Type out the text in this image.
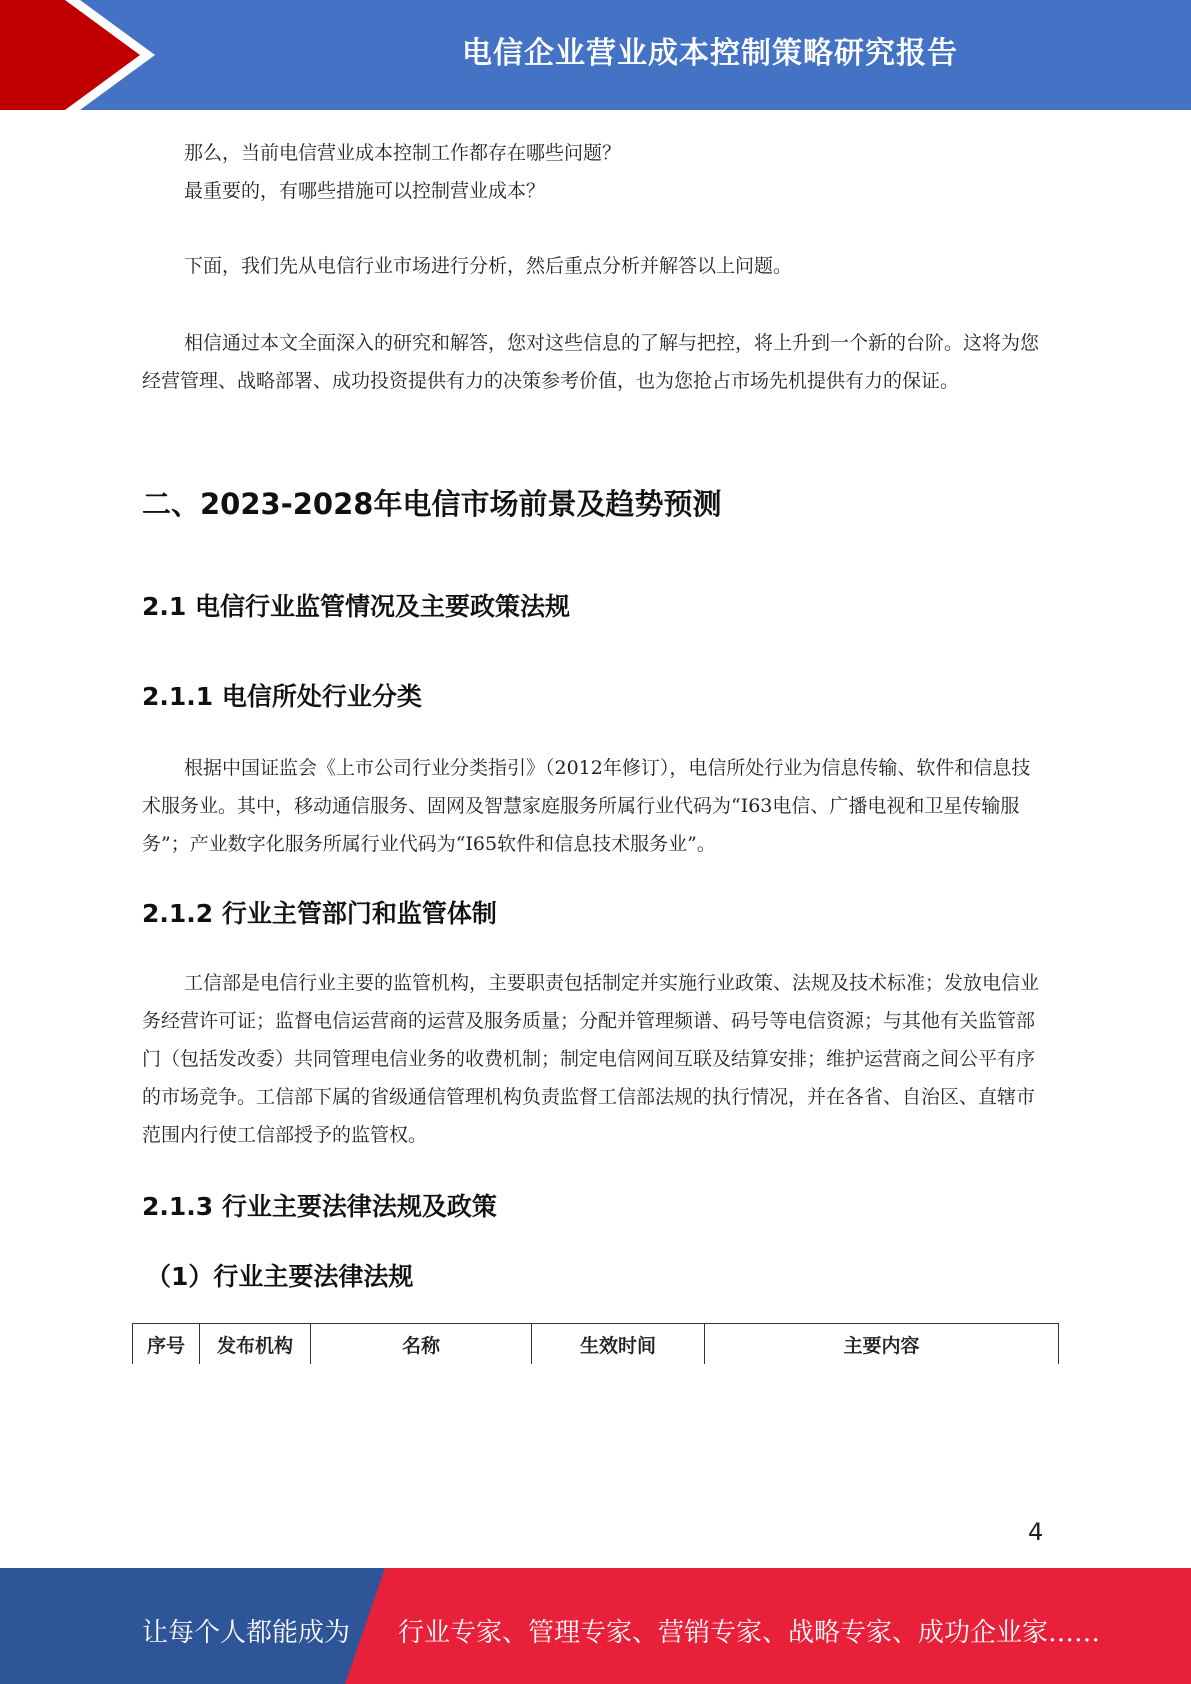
电信企业营业成本控制策略研究报告

那么，当前电信营业成本控制工作都存在哪些问题？

最重要的，有哪些措施可以控制营业成本？

下面，我们先从电信行业市场进行分析，然后重点分析并解答以上问题。

相信通过本文全面深入的研究和解答，您对这些信息的了解与把控，将上升到一个新的台阶。这将为您经营管理、战略部署、成功投资提供有力的决策参考价值，也为您抢占市场先机提供有力的保证。

二、2023-2028年电信市场前景及趋势预测
2.1 电信行业监管情况及主要政策法规
2.1.1 电信所处行业分类

根据中国证监会《上市公司行业分类指引》（2012年修订），电信所处行业为信息传输、软件和信息技术服务业。其中，移动通信服务、固网及智慧家庭服务所属行业代码为“I63电信、广播电视和卫星传输服务”；产业数字化服务所属行业代码为“I65软件和信息技术服务业”。

2.1.2 行业主管部门和监管体制

工信部是电信行业主要的监管机构，主要职责包括制定并实施行业政策、法规及技术标准；发放电信业务经营许可证；监督电信运营商的运营及服务质量；分配并管理频谱、码号等电信资源；与其他有关监管部门（包括发改委）共同管理电信业务的收费机制；制定电信网间互联及结算安排；维护运营商之间公平有序的市场竞争。工信部下属的省级通信管理机构负责监督工信部法规的执行情况，并在各省、自治区、直辖市范围内行使工信部授予的监管权。

2.1.3 行业主要法律法规及政策
（1）行业主要法律法规
序号	发布机构	名称	生效时间	主要内容
4
让每个人都能成为 行业专家、管理专家、营销专家、战略专家、成功企业家……
